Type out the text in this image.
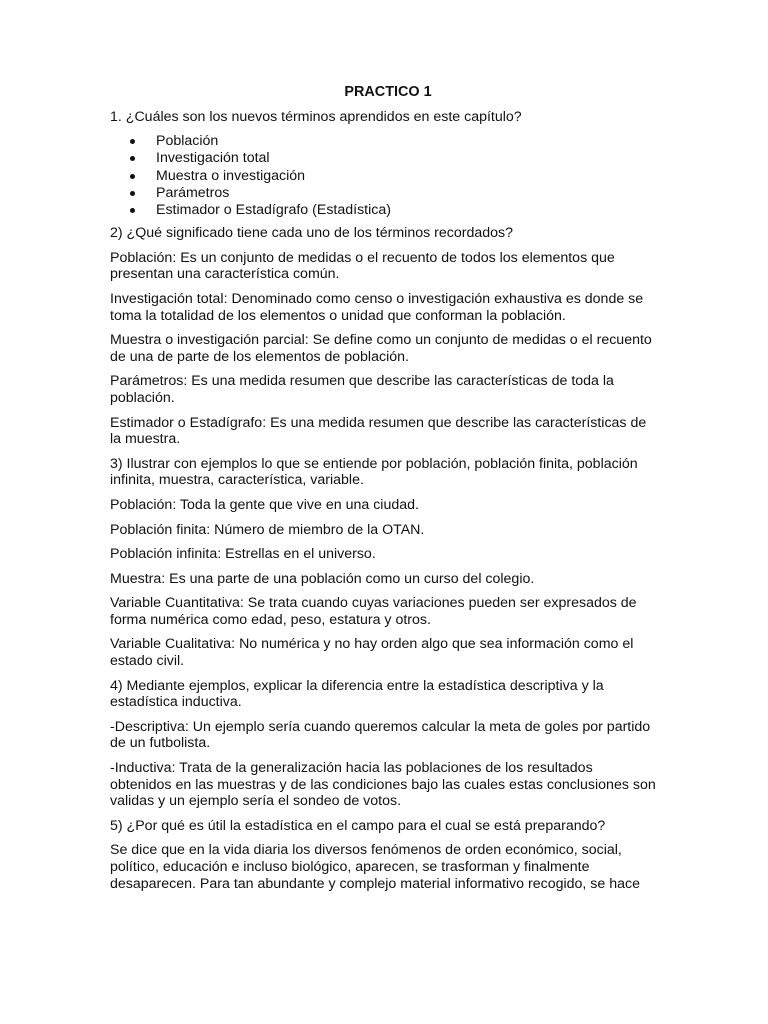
PRACTICO 1
1. ¿Cuáles son los nuevos términos aprendidos en este capítulo?
Población
Investigación total
Muestra o investigación
Parámetros
Estimador o Estadígrafo (Estadística)
2) ¿Qué significado tiene cada uno de los términos recordados?
Población: Es un conjunto de medidas o el recuento de todos los elementos que
presentan una característica común.
Investigación total: Denominado como censo o investigación exhaustiva es donde se
toma la totalidad de los elementos o unidad que conforman la población.
Muestra o investigación parcial: Se define como un conjunto de medidas o el recuento
de una de parte de los elementos de población.
Parámetros: Es una medida resumen que describe las características de toda la
población.
Estimador o Estadígrafo: Es una medida resumen que describe las características de
la muestra.
3) Ilustrar con ejemplos lo que se entiende por población, población finita, población
infinita, muestra, característica, variable.
Población: Toda la gente que vive en una ciudad.
Población finita: Número de miembro de la OTAN.
Población infinita: Estrellas en el universo.
Muestra: Es una parte de una población como un curso del colegio.
Variable Cuantitativa: Se trata cuando cuyas variaciones pueden ser expresados de
forma numérica como edad, peso, estatura y otros.
Variable Cualitativa: No numérica y no hay orden algo que sea información como el
estado civil.
4) Mediante ejemplos, explicar la diferencia entre la estadística descriptiva y la
estadística inductiva.
-Descriptiva: Un ejemplo sería cuando queremos calcular la meta de goles por partido
de un futbolista.
-Inductiva: Trata de la generalización hacia las poblaciones de los resultados
obtenidos en las muestras y de las condiciones bajo las cuales estas conclusiones son
validas y un ejemplo sería el sondeo de votos.
5) ¿Por qué es útil la estadística en el campo para el cual se está preparando?
Se dice que en la vida diaria los diversos fenómenos de orden económico, social,
político, educación e incluso biológico, aparecen, se trasforman y finalmente
desaparecen. Para tan abundante y complejo material informativo recogido, se hace
